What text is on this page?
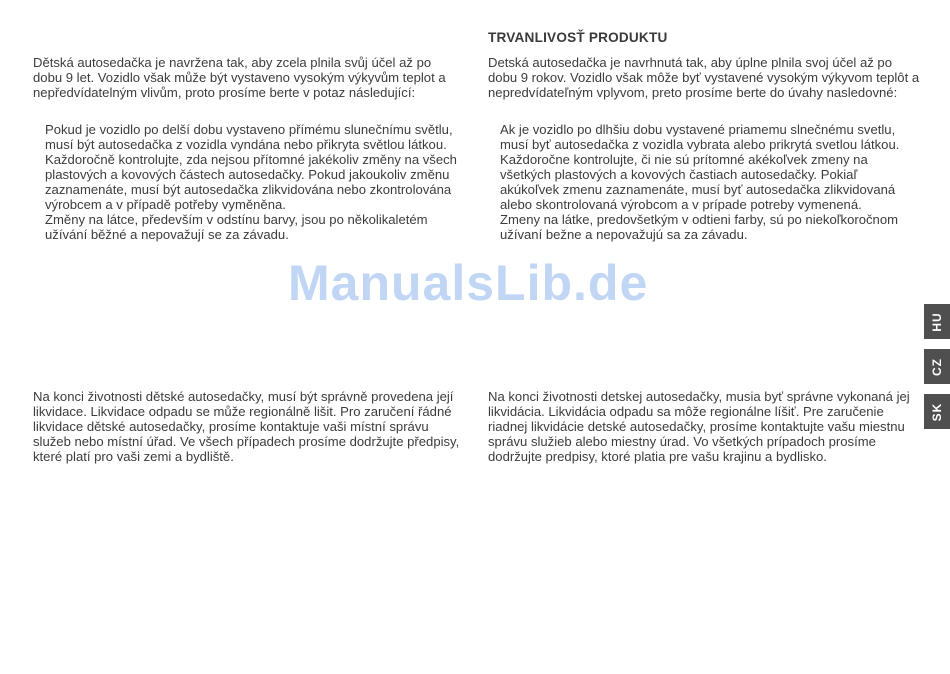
Dětská autosedačka je navržena tak, aby zcela plnila svůj účel až po dobu 9 let. Vozidlo však může být vystaveno vysokým výkyvům teplot a nepředvídatelným vlivům, proto prosíme berte v potaz následující:

Pokud je vozidlo po delší dobu vystaveno přímému slunečnímu světlu, musí být autosedačka z vozidla vyndána nebo přikryta světlou látkou.

Každoročně kontrolujte, zda nejsou přítomné jakékoliv změny na všech plastových a kovových částech autosedačky. Pokud jakoukoliv změnu zaznamenáte, musí být autosedačka zlikvidována nebo zkontrolována výrobcem a v případě potřeby vyměněna.

Změny na látce, především v odstínu barvy, jsou po několikaletém užívání běžné a nepovažují se za závadu.

Na konci životnosti dětské autosedačky, musí být správně provedena její likvidace. Likvidace odpadu se může regionálně lišit. Pro zaručení řádné likvidace dětské autosedačky, prosíme kontaktuje vaši místní správu služeb nebo místní úřad. Ve všech případech prosíme dodržujte předpisy, které platí pro vaši zemi a bydliště.

TRVANLIVOSŤ PRODUKTU

Detská autosedačka je navrhnutá tak, aby úplne plnila svoj účel až po dobu 9 rokov. Vozidlo však môže byť vystavené vysokým výkyvom teplôt a nepredvídateľným vplyvom, preto prosíme berte do úvahy nasledovné:

Ak je vozidlo po dlhšiu dobu vystavené priamemu slnečnému svetlu, musí byť autosedačka z vozidla vybrata alebo prikrytá svetlou látkou.

Každoročne kontrolujte, či nie sú prítomné akékoľvek zmeny na všetkých plastových a kovových častiach autosedačky. Pokiaľ akúkoľvek zmenu zaznamenáte, musí byť autosedačka zlikvidovaná alebo skontrolovaná výrobcom a v prípade potreby vymenená.

Zmeny na látke, predovšetkým v odtieni farby, sú po niekoľkoročnom užívaní bežne a nepovažujú sa za závadu.

Na konci životnosti detskej autosedačky, musia byť správne vykonaná jej likvidácia. Likvidácia odpadu sa môže regionálne líšiť. Pre zaručenie riadnej likvidácie detské autosedačky, prosíme kontaktujte vašu miestnu správu služieb alebo miestny úrad. Vo všetkých prípadoch prosíme dodržujte predpisy, ktoré platia pre vašu krajinu a bydlisko.

HU
CZ
SK
ManualsLib.de
